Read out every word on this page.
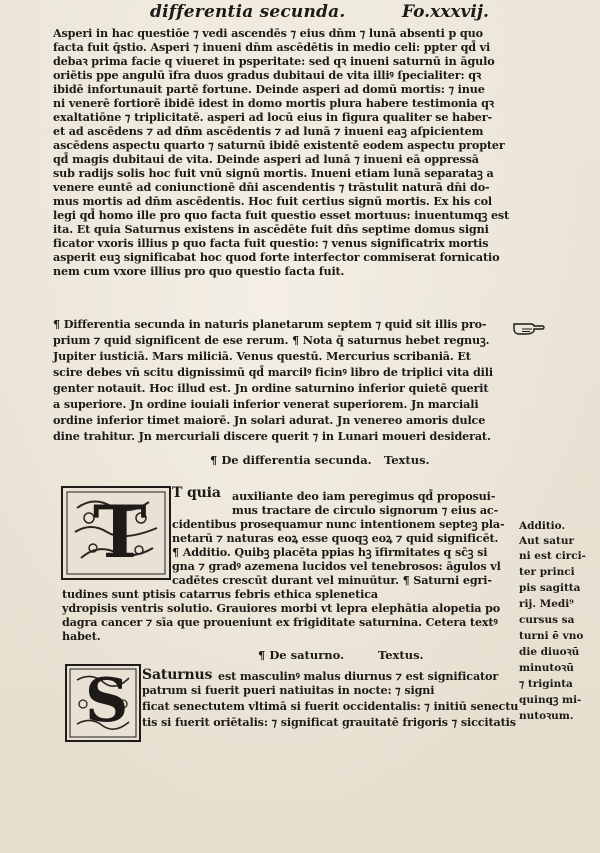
differentia secunda.	Fo.xxxvij.
Asperi in hac questiōe ⁊ vedi ascendēs ⁊ eius dn̄m ⁊ lunā absenti p quo
facta fuit q̄stio. Asperi ⁊ inueni dn̄m ascēdētis in medio celi: ppter qd̄ vi
debaꝛ prima facie q viueret in psperitate: sed qꝛ inueni saturnū in āgulo
oriētis ppe angulū īfra duos gradus dubitaui de vita illiꝰ ſpecialiter: qꝛ
ibidē infortunauit partē fortune. Deinde asperi ad domū mortis: ⁊ inue
ni venerē fortiorē ibidē idest in domo mortis plura habere testimonia qꝛ
exaltatiōne ⁊ triplicitatē. asperi ad locū eius in figura qualiter se haber-
et ad ascēdens ⁊ ad dn̄m ascēdentis ⁊ ad lunā ⁊ inueni eaꝫ aſpicientem
ascēdens aspectu quarto ⁊ saturnū ibidē existentē eodem aspectu propter
qd̄ magis dubitaui de vita. Deinde asperi ad lunā ⁊ inueni eā oppressā
sub radijs solis hoc fuit vnū signū mortis. Inueni etiam lunā separataꝫ a
venere euntē ad coniunctionē dn̄i ascendentis ⁊ trāstulit naturā dn̄i do-
mus mortis ad dn̄m ascēdentis. Hoc fuit certius signū mortis. Ex his col
legi qd̄ homo ille pro quo facta fuit questio esset mortuus: inuentumqꝫ est
ita. Et quia Saturnus existens in ascēdēte fuit dn̄s septime domus signi
ficator vxoris illius p quo facta fuit questio: ⁊ venus significatrix mortis
asperit euꝫ significabat hoc quod forte interfector commiserat fornicatio
nem cum vxore illius pro quo questio facta fuit.
¶ Differentia secunda in naturis planetarum septem ⁊ quid sit illis pro-
prium ⁊ quid significent de ese rerum. ¶ Nota q̄ saturnus hebet regnuꝫ.
Jupiter iusticiā. Mars miliciā. Venus questū. Mercurius scribaniā. Et
scire debes vn̄ scitu dignissimū qd̄ marcilꝰ ficinꝰ libro de triplici vita dili
genter notauit. Hoc illud est. Jn ordine saturnino inferior quietē querit
a superiore. Jn ordine iouiali inferior venerat superiorem. Jn marciali
ordine inferior timet maiorē. Jn solari adurat. Jn venereo amoris dulce
dine trahitur. Jn mercuriali discere querit ⁊ in Lunari moueri desiderat.
¶ De differentia secunda. Textus.
T T quia auxiliante deo iam peregimus qd̄ proposui-
mus tractare de circulo signorum ⁊ eius ac-
cidentibus prosequamur nunc intentionem septeꝫ pla-
netarū ⁊ naturas eoꝝ esse quoqꝫ eoꝝ ⁊ quid significēt.
¶ Additio. Quibꝫ placēta ppias hꝫ īfirmitates q sc̄ꝫ si
gna ⁊ gradꝰ azemena lucidos vel tenebrosos: āgulos vl
cadētes crescūt durant vel minuūtur. ¶ Saturni egri-
tudines sunt ptisis catarrus febris ethica splenetica
ydropisis ventris solutio. Grauiores morbi vt lepra elephātia alopetia po
dagra cancer ⁊ sīa que proueniunt ex frigiditate saturnina. Cetera textꝰ
habet.
¶ De saturno.	Textus.
S Saturnus est masculinꝰ malus diurnus ⁊ est significator
patrum si fuerit pueri natiuitas in nocte: ⁊ signi
ficat senectutem vltimā si fuerit occidentalis: ⁊ initiū senectu
tis si fuerit oriētalis: ⁊ significat grauitatē frigoris ⁊ siccitatis
Additio.
Aut satur
ni est circi-
ter princi
pis sagitta
rij. Medi⁹
cursus sa
turni ē vno
die diuoꝛū
minutoꝛū
⁊ triginta
quinqꝫ mi-
nutoꝛum.
